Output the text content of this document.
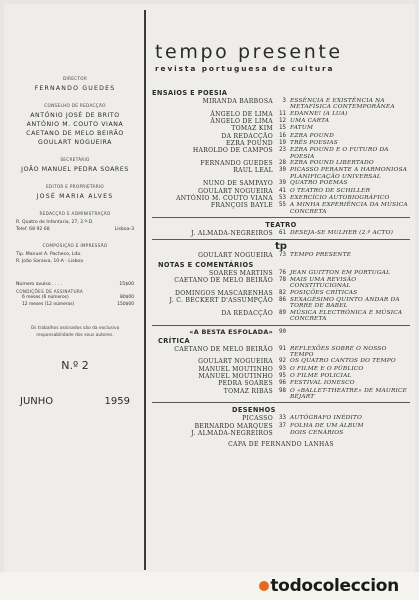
DIRECTOR
FERNANDO GUEDES
CONSELHO DE REDACÇÃO
ANTÓNIO JOSÉ DE BRITO
ANTÓNIO M. COUTO VIANA
CAETANO DE MELO BEIRÃO
GOULART NOGUEIRA
SECRETÁRIO
JOÃO MANUEL PEDRA SOARES
EDITOR E PROPRIETÁRIO
JOSÉ MARIA ALVES
REDACÇÃO E ADMINISTRAÇÃO
R. Quatro de Infantaria, 27, 2.º-D.
Telef. 68 92 68	Lisboa-3
COMPOSIÇÃO E IMPRESSÃO
Tip. Manuel A. Pacheco, Lda.
R. João Saraiva, 10-A · Lisboa
Número avulso . . . .	15$00
CONDIÇÕES DE ASSINATURA
6 meses (6 números)	80$00
12 meses (12 números)	150$00
Os trabalhos assinados são da exclusiva responsabilidade dos seus autores.
N.º 2
JUNHO	1959
tempo presente
revista portuguesa de cultura
ENSAIOS E POESIA
MIRANDA BARBOSA	3 ESSÊNCIA E EXISTÊNCIA NA METAFÍSICA CONTEMPORÂNEA
ÂNGELO DE LIMA	11 EDANNE! (A LUA)
ÂNGELO DE LIMA	12 UMA CARTA
TOMAZ KIM	15 FATUM
DA REDACÇÃO	16 EZRA POUND
EZRA POUND	19 TRÊS POESIAS
HAROLDO DE CAMPOS	23 EZRA POUND E O FUTURO DA POESIA
FERNANDO GUEDES	28 EZRA POUND LIBERTADO
RAUL LEAL	30 PICASSO PERANTE A HARMONIOSA PLANIFICAÇÃO UNIVERSAL
NUNO DE SAMPAYO	39 QUATRO POEMAS
GOULART NOGUEIRA	41 O TEATRO DE SCHILLER
ANTÓNIO M. COUTO VIANA	53 EXERCÍCIO AUTOBIOGRÁFICO
FRANÇOIS BAYLE	55 A MINHA EXPERIÊNCIA DA MÚSICA CONCRETA
TEATRO
J. ALMADA-NEGREIROS	61 DESEJA-SE MULHER (2.º ACTO)
tp
GOULART NOGUEIRA	73 TEMPO PRESENTE
NOTAS E COMENTÁRIOS
SOARES MARTINS	76 JEAN GUITTON EM PORTUGAL
CAETANO DE MELO BEIRÃO	78 MAIS UMA REVISÃO CONSTITUCIONAL
DOMINGOS MASCARENHAS	82 POSIÇÕES CRÍTICAS
J. C. BECKERT D'ASSUMPÇÃO	86 SEXAGÉSIMO QUINTO ANDAR DA TORRE DE BABEL
DA REDACÇÃO	89 MÚSICA ELECTRÓNICA E MÚSICA CONCRETA
«A BESTA ESFOLADA»	90
CRÍTICA
CAETANO DE MELO BEIRÃO	91 REFLEXÕES SOBRE O NOSSO TEMPO
GOULART NOGUEIRA	92 OS QUATRO CANTOS DO TEMPO
MANUEL MOUTINHO	93 O FILME E O PÚBLICO
MANUEL MOUTINHO	95 O FILME POLICIAL
PEDRA SOARES	96 FESTIVAL IONESCO
TOMAZ RIBAS	98 O «BALLET-THEATRE» DE MAURICE BÉJART
DESENHOS
PICASSO	33 AUTÓGRAFO INÉDITO
BERNARDO MARQUES	37 FOLHA DE UM ÁLBUM
J. ALMADA-NEGREIROS	DOIS CENÁRIOS
CAPA DE FERNANDO LANHAS
todocoleccion
